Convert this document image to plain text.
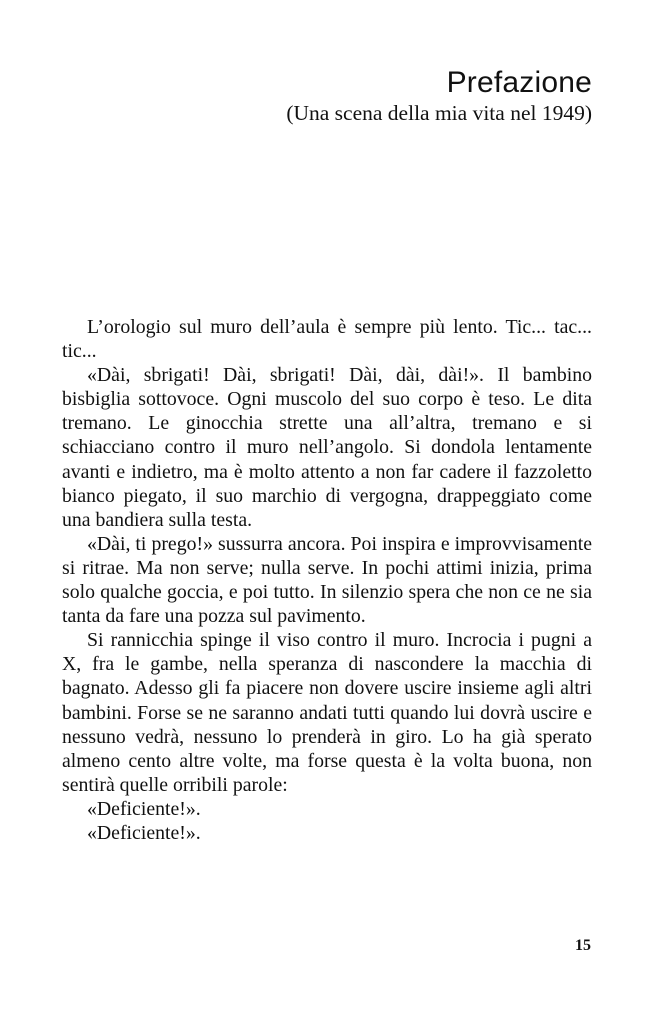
Prefazione
(Una scena della mia vita nel 1949)

L’orologio sul muro dell’aula è sempre più lento. Tic... tac... tic...

«Dài, sbrigati! Dài, sbrigati! Dài, dài, dài!». Il bambino bisbiglia sottovoce. Ogni muscolo del suo corpo è teso. Le dita tremano. Le ginocchia strette una all’altra, tremano e si schiacciano contro il muro nell’angolo. Si dondola lentamente avanti e indietro, ma è molto attento a non far cadere il fazzoletto bianco piegato, il suo marchio di vergogna, drappeggiato come una bandiera sulla testa.

«Dài, ti prego!» sussurra ancora. Poi inspira e improvvisamente si ritrae. Ma non serve; nulla serve. In pochi attimi inizia, prima solo qualche goccia, e poi tutto. In silenzio spera che non ce ne sia tanta da fare una pozza sul pavimento.

Si rannicchia spinge il viso contro il muro. Incrocia i pugni a X, fra le gambe, nella speranza di nascondere la macchia di bagnato. Adesso gli fa piacere non dovere uscire insieme agli altri bambini. Forse se ne saranno andati tutti quando lui dovrà uscire e nessuno vedrà, nessuno lo prenderà in giro. Lo ha già sperato almeno cento altre volte, ma forse questa è la volta buona, non sentirà quelle orribili parole:

«Deficiente!».

«Deficiente!».

15
